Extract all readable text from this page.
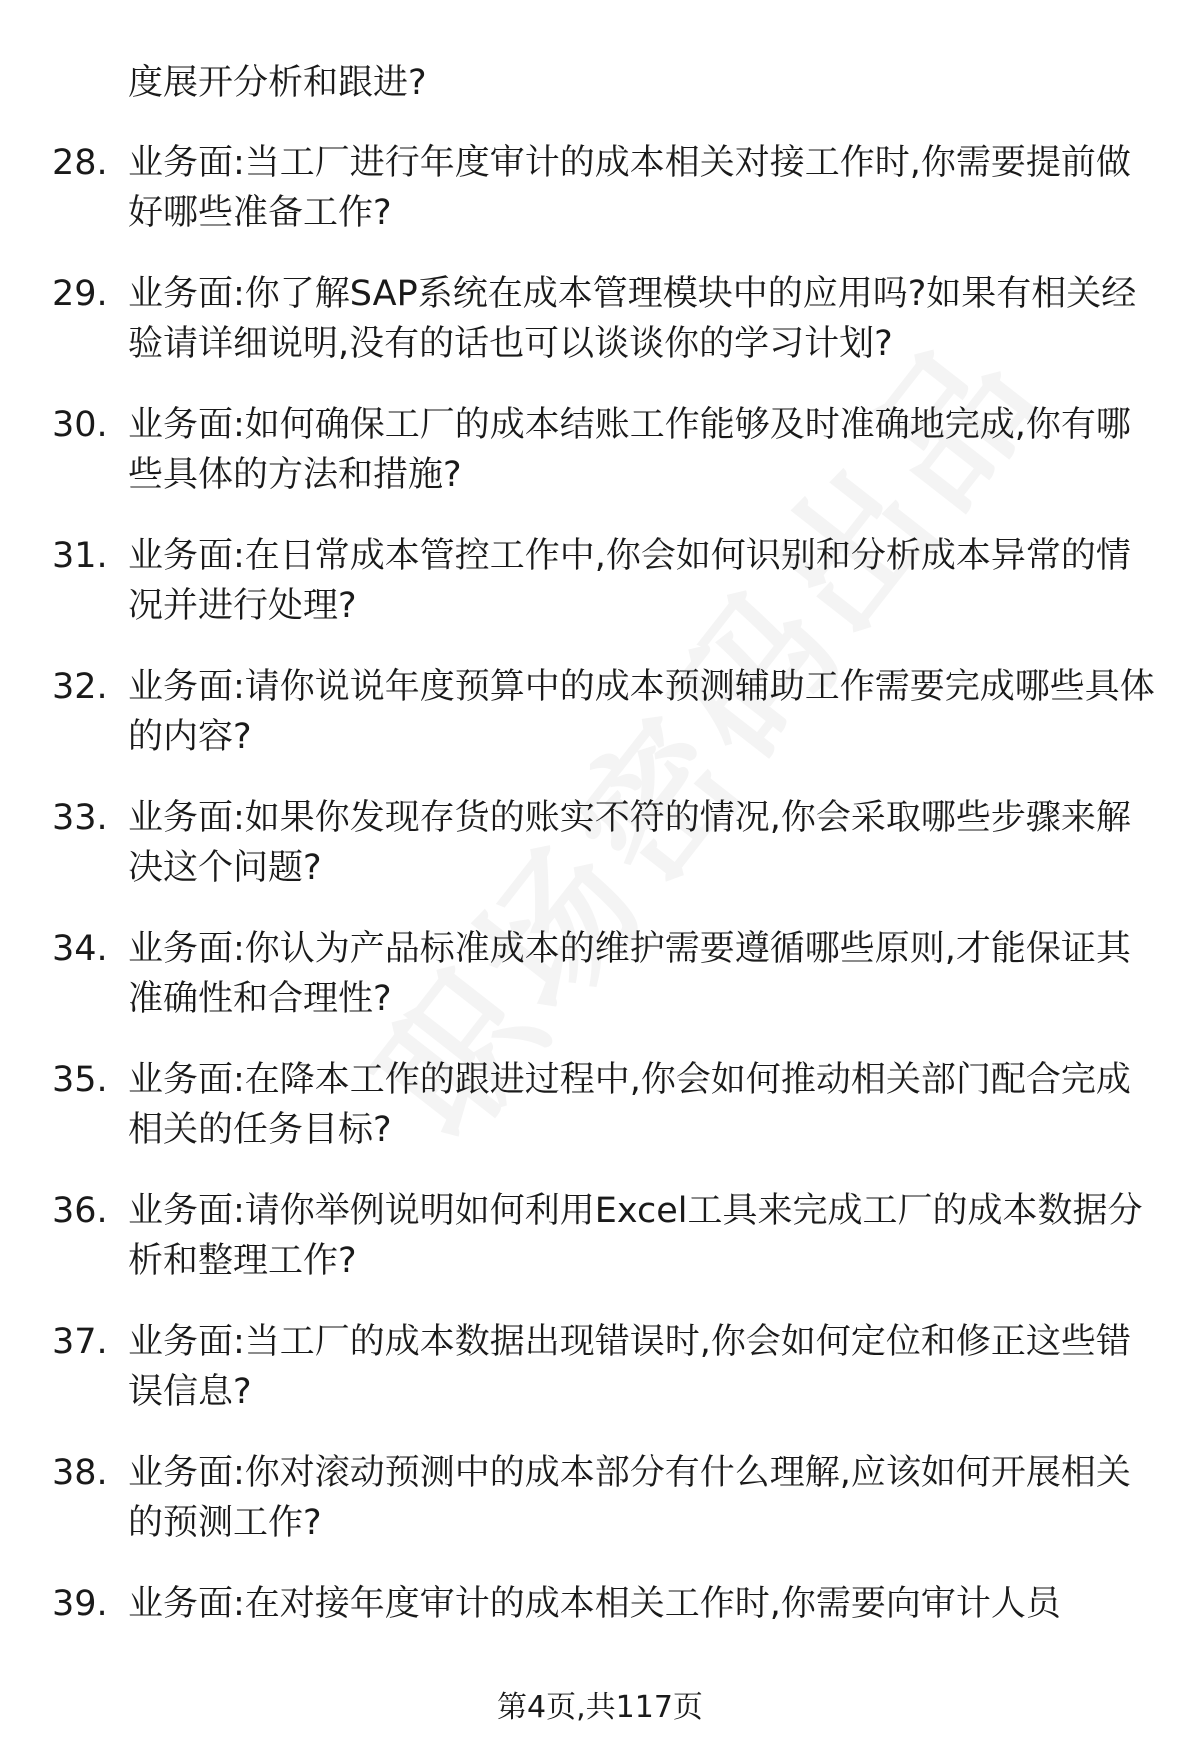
度展开分析和跟进?

28. 业务面:当工厂进行年度审计的成本相关对接工作时,你需要提前做好哪些准备工作?

29. 业务面:你了解SAP系统在成本管理模块中的应用吗?如果有相关经验请详细说明,没有的话也可以谈谈你的学习计划?

30. 业务面:如何确保工厂的成本结账工作能够及时准确地完成,你有哪些具体的方法和措施?

31. 业务面:在日常成本管控工作中,你会如何识别和分析成本异常的情况并进行处理?

32. 业务面:请你说说年度预算中的成本预测辅助工作需要完成哪些具体的内容?

33. 业务面:如果你发现存货的账实不符的情况,你会采取哪些步骤来解决这个问题?

34. 业务面:你认为产品标准成本的维护需要遵循哪些原则,才能保证其准确性和合理性?

35. 业务面:在降本工作的跟进过程中,你会如何推动相关部门配合完成相关的任务目标?

36. 业务面:请你举例说明如何利用Excel工具来完成工厂的成本数据分析和整理工作?

37. 业务面:当工厂的成本数据出现错误时,你会如何定位和修正这些错误信息?

38. 业务面:你对滚动预测中的成本部分有什么理解,应该如何开展相关的预测工作?

39. 业务面:在对接年度审计的成本相关工作时,你需要向审计人员

第4页,共117页
